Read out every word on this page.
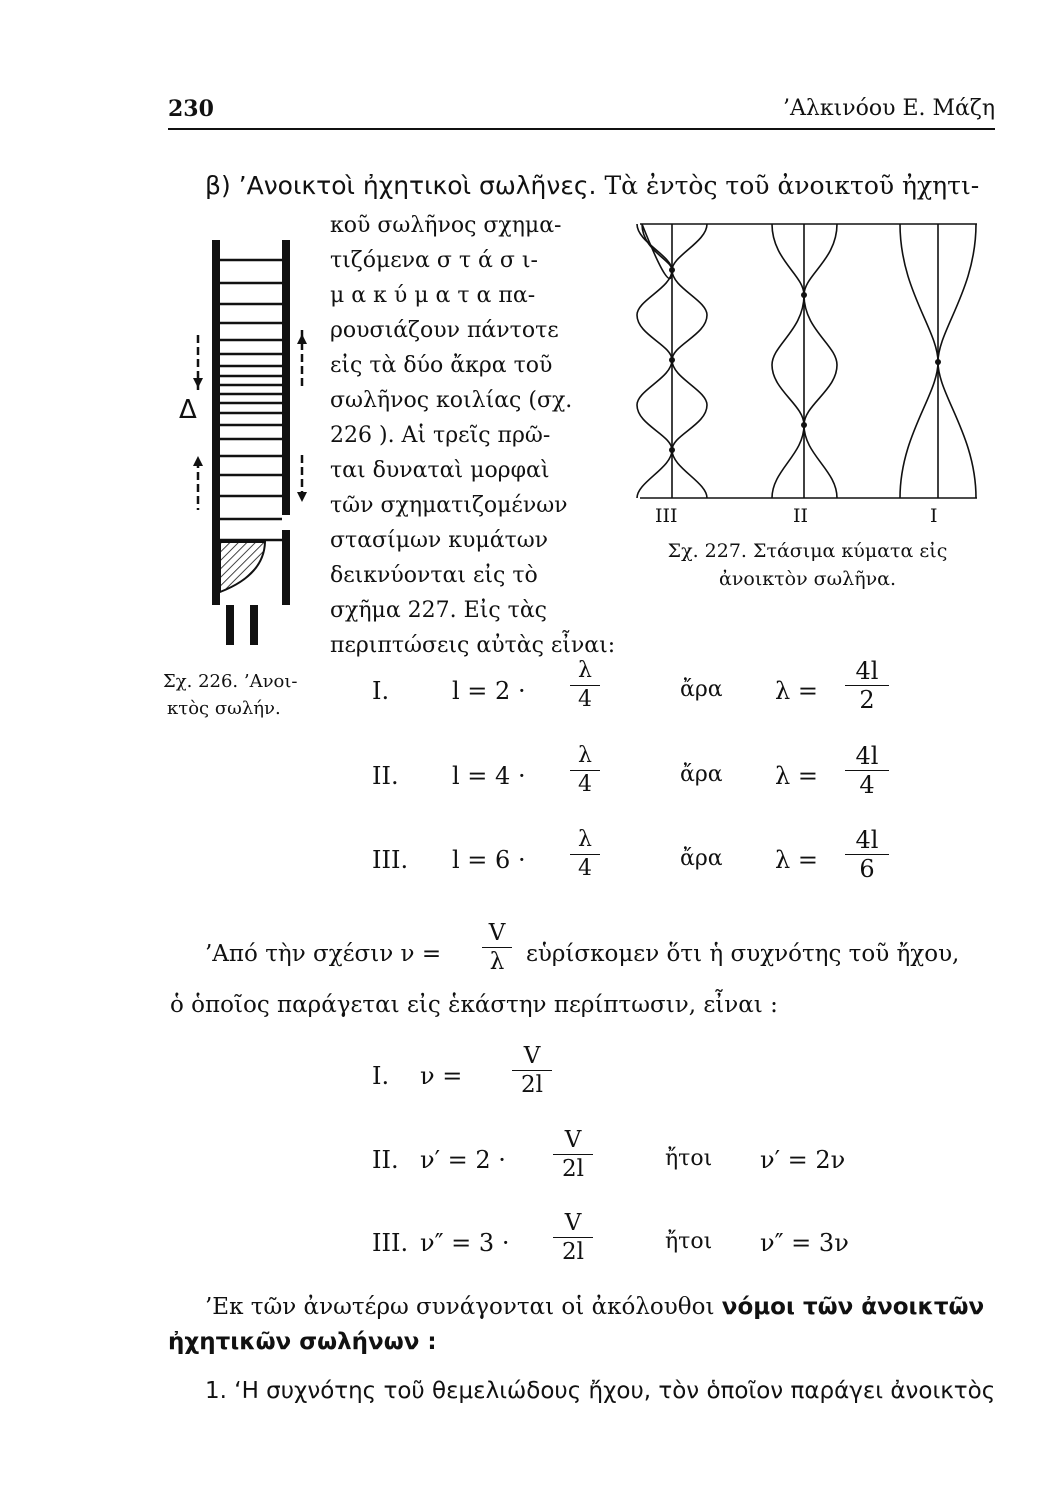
230	’Αλκινόου Ε. Μάζη
β) ’Ανοικτοὶ ἠχητικοὶ σωλῆνες. Τὰ ἐντὸς τοῦ ἀνοικτοῦ ἠχητι-
κοῦ σωλῆνος σχημα-
τιζόμενα σ τ ά σ ι-
μ α κ ύ μ α τ α πα-
ρουσιάζουν πάντοτε
εἰς τὰ δύο ἄκρα τοῦ
σωλῆνος κοιλίας (σχ.
226 ). Αἱ τρεῖς πρῶ-
ται δυναταὶ μορφαὶ
τῶν σχηματιζομένων
στασίμων κυμάτων
δεικνύονται εἰς τὸ
σχῆμα 227. Εἰς τὰς
περιπτώσεις αὐτὰς εἶναι:
Δ
Σχ. 226. ’Ανοι-
κτὸς σωλήν.
III	II	I
Σχ. 227. Στάσιμα κύματα εἰς
ἀνοικτὸν σωλῆνα.
I.	l = 2 ·
λ
4	ἄρα λ =
4l
2
II. l = 4 ·
λ
4	ἄρα λ =
4l
4
III. l = 6 ·
λ
4	ἄρα λ =
4l
6
’Από τὴν σχέσιν ν =
V
λ εὑρίσκομεν ὅτι ἡ συχνότης τοῦ ἤχου,
ὁ ὁποῖος παράγεται εἰς ἑκάστην περίπτωσιν, εἶναι :
I. ν =
V
2l
II. ν′ = 2 ·
V
2l	ἤτοι ν′ = 2ν
III. ν″ = 3 ·
V
2l	ἤτοι ν″ = 3ν
’Εκ τῶν ἀνωτέρω συνάγονται οἱ ἀκόλουθοι νόμοι τῶν ἀνοικτῶν
ἠχητικῶν σωλήνων :
1. ‘Η συχνότης τοῦ θεμελιώδους ἤχου, τὸν ὁποῖον παράγει ἀνοικτὸς
